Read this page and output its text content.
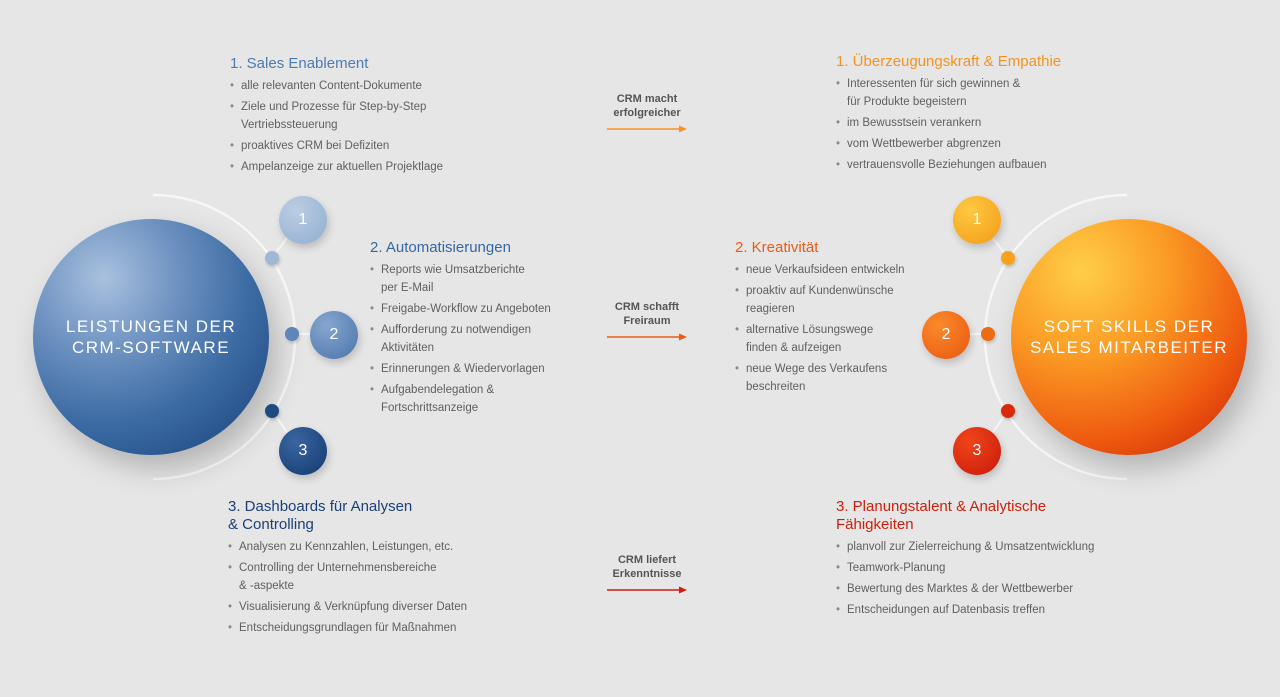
LEISTUNGEN DER
CRM-SOFTWARE
SOFT SKILLS DER
SALES MITARBEITER
1
2
3
1
2
3
1. Sales Enablement
• alle relevanten Content-Dokumente
• Ziele und Prozesse für Step-by-Step
Vertriebssteuerung
• proaktives CRM bei Defiziten
• Ampelanzeige zur aktuellen Projektlage
2. Automatisierungen
• Reports wie Umsatzberichte
per E-Mail
• Freigabe-Workflow zu Angeboten
• Aufforderung zu notwendigen
Aktivitäten
• Erinnerungen & Wiedervorlagen
• Aufgabendelegation &
Fortschrittsanzeige
3. Dashboards für Analysen
& Controlling
• Analysen zu Kennzahlen, Leistungen, etc.
• Controlling der Unternehmensbereiche
& -aspekte
• Visualisierung & Verknüpfung diverser Daten
• Entscheidungsgrundlagen für Maßnahmen
1. Überzeugungskraft & Empathie
• Interessenten für sich gewinnen &
für Produkte begeistern
• im Bewusstsein verankern
• vom Wettbewerber abgrenzen
• vertrauensvolle Beziehungen aufbauen
2. Kreativität
• neue Verkaufsideen entwickeln
• proaktiv auf Kundenwünsche
reagieren
• alternative Lösungswege
finden & aufzeigen
• neue Wege des Verkaufens
beschreiten
3. Planungstalent & Analytische
Fähigkeiten
• planvoll zur Zielerreichung & Umsatzentwicklung
• Teamwork-Planung
• Bewertung des Marktes & der Wettbewerber
• Entscheidungen auf Datenbasis treffen
CRM macht
erfolgreicher
CRM schafft
Freiraum
CRM liefert
Erkenntnisse
